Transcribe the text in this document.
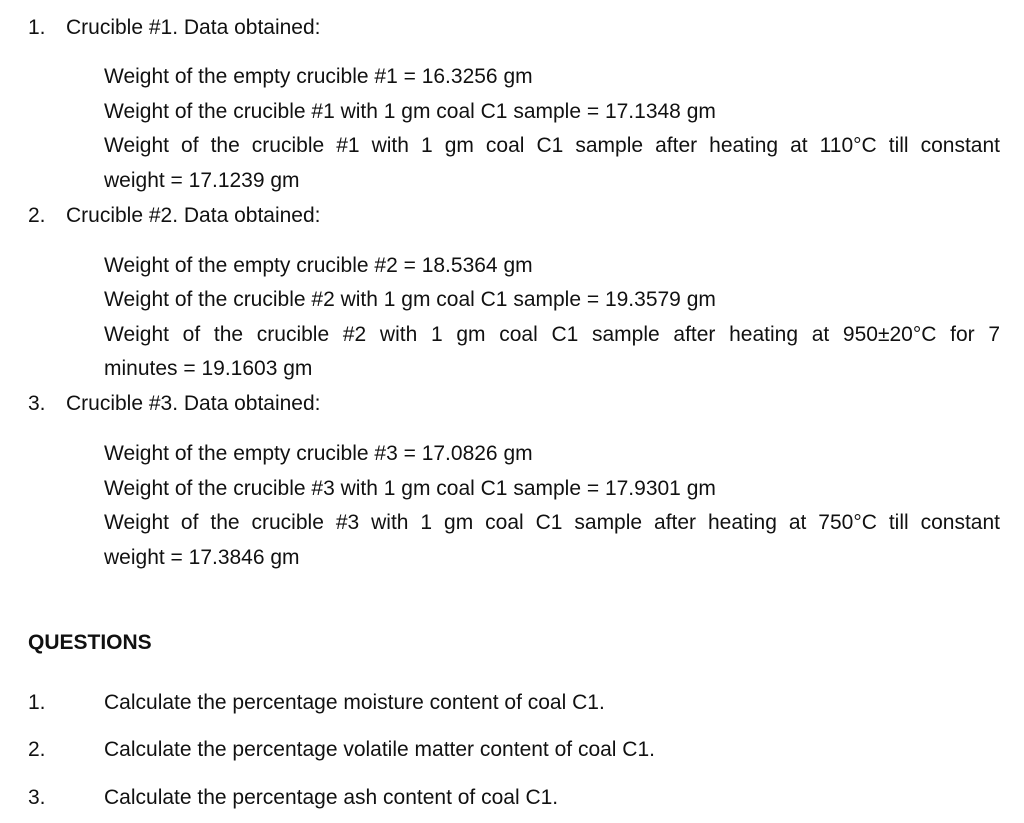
1. Crucible #1. Data obtained:
Weight of the empty crucible #1 = 16.3256 gm
Weight of the crucible #1 with 1 gm coal C1 sample = 17.1348 gm
Weight of the crucible #1 with 1 gm coal C1 sample after heating at 110°C till constant
weight = 17.1239 gm
2. Crucible #2. Data obtained:
Weight of the empty crucible #2 = 18.5364 gm
Weight of the crucible #2 with 1 gm coal C1 sample = 19.3579 gm
Weight of the crucible #2 with 1 gm coal C1 sample after heating at 950±20°C for 7
minutes = 19.1603 gm
3. Crucible #3. Data obtained:
Weight of the empty crucible #3 = 17.0826 gm
Weight of the crucible #3 with 1 gm coal C1 sample = 17.9301 gm
Weight of the crucible #3 with 1 gm coal C1 sample after heating at 750°C till constant
weight = 17.3846 gm
QUESTIONS
1.	Calculate the percentage moisture content of coal C1.
2.	Calculate the percentage volatile matter content of coal C1.
3.	Calculate the percentage ash content of coal C1.
